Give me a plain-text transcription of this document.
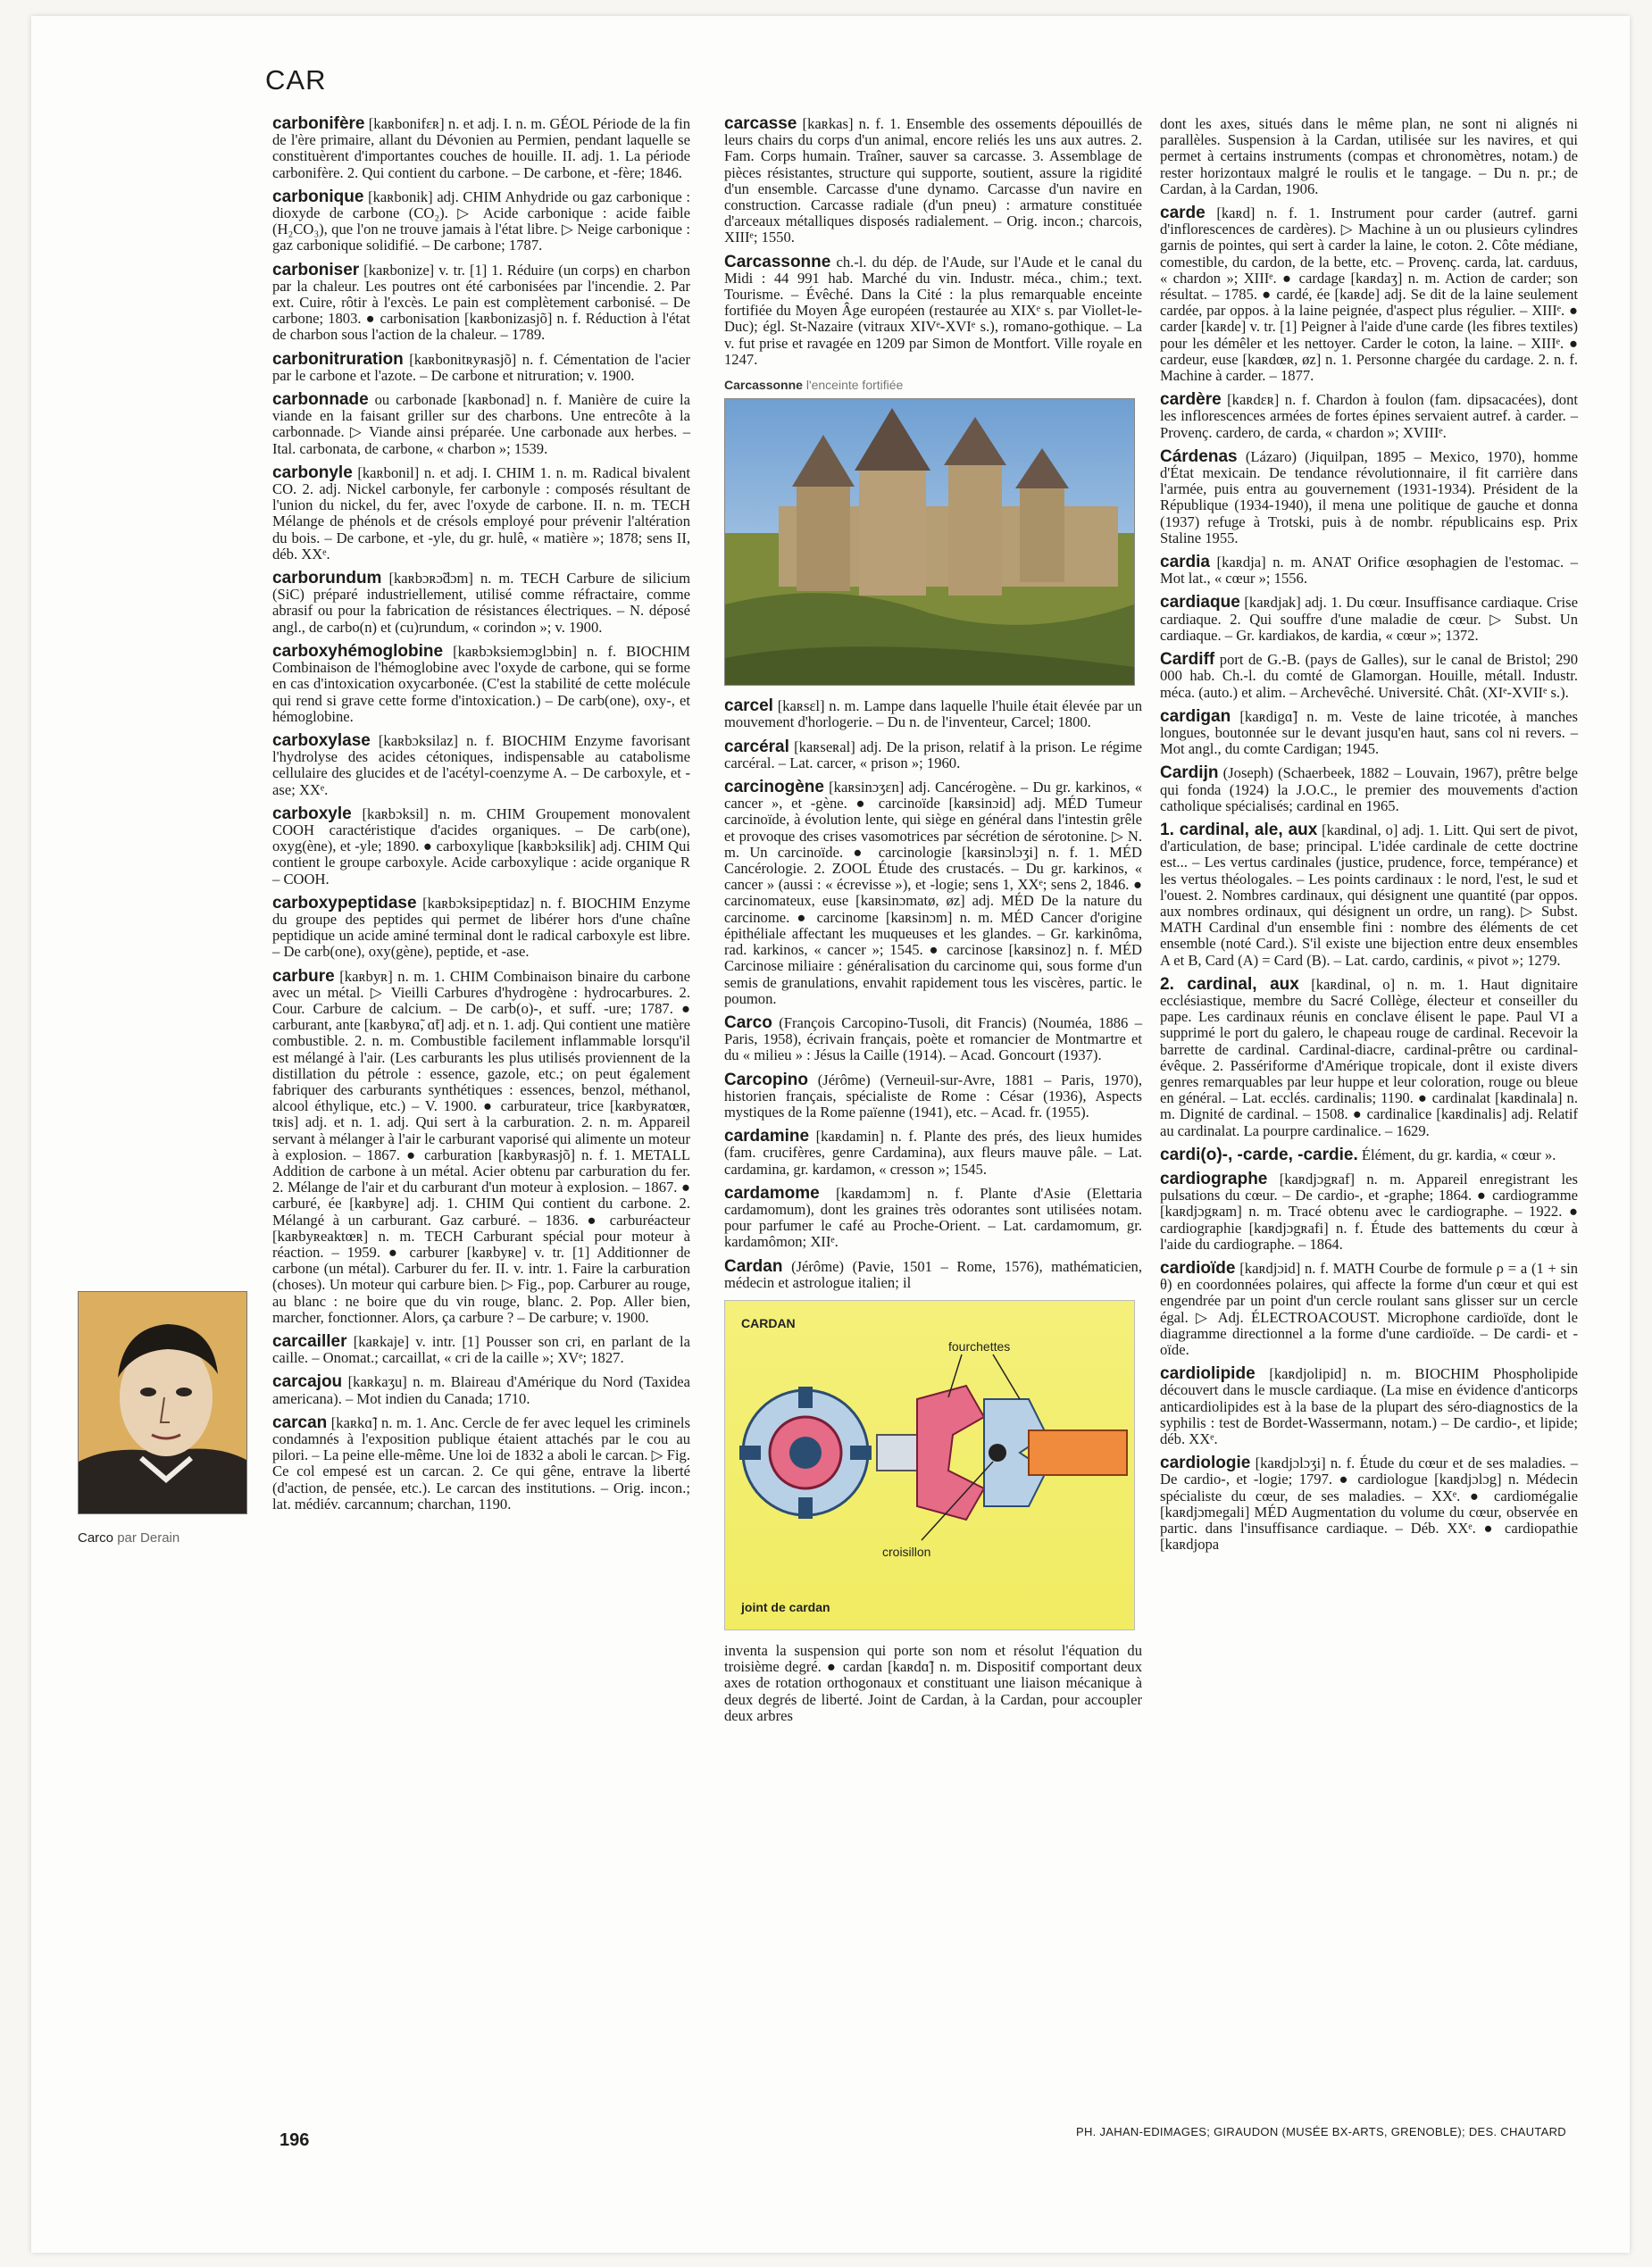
CAR

carbonifère [kaʀbonifɛʀ] n. et adj. I. n. m. GÉOL Période de la fin de l'ère primaire, allant du Dévonien au Permien, pendant laquelle se constituèrent d'importantes couches de houille. II. adj. 1. La période carbonifère. 2. Qui contient du carbone. – De carbone, et -fère; 1846.

carbonique [kaʀbonik] adj. CHIM Anhydride ou gaz carbonique : dioxyde de carbone (CO₂). ▷ Acide carbonique : acide faible (H₂CO₃), que l'on ne trouve jamais à l'état libre. ▷ Neige carbonique : gaz carbonique solidifié. – De carbone; 1787.

carboniser [kaʀbonize] v. tr. [1] 1. Réduire (un corps) en charbon par la chaleur. Les poutres ont été carbonisées par l'incendie. 2. Par ext. Cuire, rôtir à l'excès. Le pain est complètement carbonisé. – De carbone; 1803. ● carbonisation [kaʀbonizasjõ] n. f. Réduction à l'état de charbon sous l'action de la chaleur. – 1789.

carbonitruration [kaʀbonitʀyʀasjõ] n. f. Cémentation de l'acier par le carbone et l'azote. – De carbone et nitruration; v. 1900.

carbonnade ou carbonade [kaʀbonad] n. f. Manière de cuire la viande en la faisant griller sur des charbons. Une entrecôte à la carbonnade. ▷ Viande ainsi préparée. Une carbonade aux herbes. – Ital. carbonata, de carbone, « charbon »; 1539.

carbonyle [kaʀbonil] n. et adj. I. CHIM 1. n. m. Radical bivalent CO. 2. adj. Nickel carbonyle, fer carbonyle : composés résultant de l'union du nickel, du fer, avec l'oxyde de carbone. II. n. m. TECH Mélange de phénols et de crésols employé pour prévenir l'altération du bois. – De carbone, et -yle, du gr. hulê, « matière »; 1878; sens II, déb. XXᵉ.

carborundum [kaʀbɔʀɔ̃dɔm] n. m. TECH Carbure de silicium (SiC) préparé industriellement, utilisé comme réfractaire, comme abrasif ou pour la fabrication de résistances électriques. – N. déposé angl., de carbo(n) et (cu)rundum, « corindon »; v. 1900.

carboxyhémoglobine [kaʀbɔksiemɔglɔbin] n. f. BIOCHIM Combinaison de l'hémoglobine avec l'oxyde de carbone, qui se forme en cas d'intoxication oxycarbonée. (C'est la stabilité de cette molécule qui rend si grave cette forme d'intoxication.) – De carb(one), oxy-, et hémoglobine.

carboxylase [kaʀbɔksilaz] n. f. BIOCHIM Enzyme favorisant l'hydrolyse des acides cétoniques, indispensable au catabolisme cellulaire des glucides et de l'acétyl-coenzyme A. – De carboxyle, et -ase; XXᵉ.

carboxyle [kaʀbɔksil] n. m. CHIM Groupement monovalent COOH caractéristique d'acides organiques. – De carb(one), oxyg(ène), et -yle; 1890. ● carboxylique [kaʀbɔksilik] adj. CHIM Qui contient le groupe carboxyle. Acide carboxylique : acide organique R – COOH.

carboxypeptidase [kaʀbɔksipɛptidaz] n. f. BIOCHIM Enzyme du groupe des peptides qui permet de libérer hors d'une chaîne peptidique un acide aminé terminal dont le radical carboxyle est libre. – De carb(one), oxy(gène), peptide, et -ase.

carbure [kaʀbyʀ] n. m. 1. CHIM Combinaison binaire du carbone avec un métal. ▷ Vieilli Carbures d'hydrogène : hydrocarbures. 2. Cour. Carbure de calcium. – De carb(o)-, et suff. -ure; 1787. ● carburant, ante [kaʀbyʀɑ̃, ɑ̃t] adj. et n. 1. adj. Qui contient une matière combustible. 2. n. m. Combustible facilement inflammable lorsqu'il est mélangé à l'air. (Les carburants les plus utilisés proviennent de la distillation du pétrole : essence, gazole, etc.; on peut également fabriquer des carburants synthétiques : essences, benzol, méthanol, alcool éthylique, etc.) – V. 1900. ● carburateur, trice [kaʀbyʀatœʀ, tʀis] adj. et n. 1. adj. Qui sert à la carburation. 2. n. m. Appareil servant à mélanger à l'air le carburant vaporisé qui alimente un moteur à explosion. – 1867. ● carburation [kaʀbyʀasjõ] n. f. 1. METALL Addition de carbone à un métal. Acier obtenu par carburation du fer. 2. Mélange de l'air et du carburant d'un moteur à explosion. – 1867. ● carburé, ée [kaʀbyʀe] adj. 1. CHIM Qui contient du carbone. 2. Mélangé à un carburant. Gaz carburé. – 1836. ● carburéacteur [kaʀbyʀeaktœʀ] n. m. TECH Carburant spécial pour moteur à réaction. – 1959. ● carburer [kaʀbyʀe] v. tr. [1] Additionner de carbone (un métal). Carburer du fer. II. v. intr. 1. Faire la carburation (choses). Un moteur qui carbure bien. ▷ Fig., pop. Carburer au rouge, au blanc : ne boire que du vin rouge, blanc. 2. Pop. Aller bien, marcher, fonctionner. Alors, ça carbure ? – De carbure; v. 1900.

carcailler [kaʀkaje] v. intr. [1] Pousser son cri, en parlant de la caille. – Onomat.; carcaillat, « cri de la caille »; XVᵉ; 1827.

carcajou [kaʀkaʒu] n. m. Blaireau d'Amérique du Nord (Taxidea americana). – Mot indien du Canada; 1710.

carcan [kaʀkɑ̃] n. m. 1. Anc. Cercle de fer avec lequel les criminels condamnés à l'exposition publique étaient attachés par le cou au pilori. – La peine elle-même. Une loi de 1832 a aboli le carcan. ▷ Fig. Ce col empesé est un carcan. 2. Ce qui gêne, entrave la liberté (d'action, de pensée, etc.). Le carcan des institutions. – Orig. incon.; lat. médiév. carcannum; charchan, 1190.

carcasse [kaʀkas] n. f. 1. Ensemble des ossements dépouillés de leurs chairs du corps d'un animal, encore reliés les uns aux autres. 2. Fam. Corps humain. Traîner, sauver sa carcasse. 3. Assemblage de pièces résistantes, structure qui supporte, soutient, assure la rigidité d'un ensemble. Carcasse d'une dynamo. Carcasse d'un navire en construction. Carcasse radiale (d'un pneu) : armature constituée d'arceaux métalliques disposés radialement. – Orig. incon.; charcois, XIIIᵉ; 1550.

Carcassonne ch.-l. du dép. de l'Aude, sur l'Aude et le canal du Midi : 44 991 hab. Marché du vin. Industr. méca., chim.; text. Tourisme. – Évêché. Dans la Cité : la plus remarquable enceinte fortifiée du Moyen Âge européen (restaurée au XIXᵉ s. par Viollet-le-Duc); égl. St-Nazaire (vitraux XIVᵉ-XVIᵉ s.), romano-gothique. – La v. fut prise et ravagée en 1209 par Simon de Montfort. Ville royale en 1247.

Carcassonne l'enceinte fortifiée

carcel [kaʀsɛl] n. m. Lampe dans laquelle l'huile était élevée par un mouvement d'horlogerie. – Du n. de l'inventeur, Carcel; 1800.

carcéral [kaʀseʀal] adj. De la prison, relatif à la prison. Le régime carcéral. – Lat. carcer, « prison »; 1960.

carcinogène [kaʀsinɔʒɛn] adj. Cancérogène. – Du gr. karkinos, « cancer », et -gène. ● carcinoïde [kaʀsinɔid] adj. MÉD Tumeur carcinoïde, à évolution lente, qui siège en général dans l'intestin grêle et provoque des crises vasomotrices par sécrétion de sérotonine. ▷ N. m. Un carcinoïde. ● carcinologie [kaʀsinɔlɔʒi] n. f. 1. MÉD Cancérologie. 2. ZOOL Étude des crustacés. – Du gr. karkinos, « cancer » (aussi : « écrevisse »), et -logie; sens 1, XXᵉ; sens 2, 1846. ● carcinomateux, euse [kaʀsinɔmatø, øz] adj. MÉD De la nature du carcinome. ● carcinome [kaʀsinɔm] n. m. MÉD Cancer d'origine épithéliale affectant les muqueuses et les glandes. – Gr. karkinôma, rad. karkinos, « cancer »; 1545. ● carcinose [kaʀsinoz] n. f. MÉD Carcinose miliaire : généralisation du carcinome qui, sous forme d'un semis de granulations, envahit rapidement tous les viscères, partic. le poumon.

Carco (François Carcopino-Tusoli, dit Francis) (Nouméa, 1886 – Paris, 1958), écrivain français, poète et romancier de Montmartre et du « milieu » : Jésus la Caille (1914). – Acad. Goncourt (1937).

Carcopino (Jérôme) (Verneuil-sur-Avre, 1881 – Paris, 1970), historien français, spécialiste de Rome : César (1936), Aspects mystiques de la Rome païenne (1941), etc. – Acad. fr. (1955).

cardamine [kaʀdamin] n. f. Plante des prés, des lieux humides (fam. crucifères, genre Cardamina), aux fleurs mauve pâle. – Lat. cardamina, gr. kardamon, « cresson »; 1545.

cardamome [kaʀdamɔm] n. f. Plante d'Asie (Elettaria cardamomum), dont les graines très odorantes sont utilisées notam. pour parfumer le café au Proche-Orient. – Lat. cardamomum, gr. kardamômon; XIIᵉ.

Cardan (Jérôme) (Pavie, 1501 – Rome, 1576), mathématicien, médecin et astrologue italien; il

CARDAN
fourchettes
croisillon
joint de cardan

inventa la suspension qui porte son nom et résolut l'équation du troisième degré. ● cardan [kaʀdɑ̃] n. m. Dispositif comportant deux axes de rotation orthogonaux et constituant une liaison mécanique à deux degrés de liberté. Joint de Cardan, à la Cardan, pour accoupler deux arbres

dont les axes, situés dans le même plan, ne sont ni alignés ni parallèles. Suspension à la Cardan, utilisée sur les navires, et qui permet à certains instruments (compas et chronomètres, notam.) de rester horizontaux malgré le roulis et le tangage. – Du n. pr.; de Cardan, à la Cardan, 1906.

carde [kaʀd] n. f. 1. Instrument pour carder (autref. garni d'inflorescences de cardères). ▷ Machine à un ou plusieurs cylindres garnis de pointes, qui sert à carder la laine, le coton. 2. Côte médiane, comestible, du cardon, de la bette, etc. – Provenç. carda, lat. carduus, « chardon »; XIIIᵉ. ● cardage [kaʀdaʒ] n. m. Action de carder; son résultat. – 1785. ● cardé, ée [kaʀde] adj. Se dit de la laine seulement cardée, par oppos. à la laine peignée, d'aspect plus régulier. – XIIIᵉ. ● carder [kaʀde] v. tr. [1] Peigner à l'aide d'une carde (les fibres textiles) pour les démêler et les nettoyer. Carder le coton, la laine. – XIIIᵉ. ● cardeur, euse [kaʀdœʀ, øz] n. 1. Personne chargée du cardage. 2. n. f. Machine à carder. – 1877.

cardère [kaʀdɛʀ] n. f. Chardon à foulon (fam. dipsacacées), dont les inflorescences armées de fortes épines servaient autref. à carder. – Provenç. cardero, de carda, « chardon »; XVIIIᵉ.

Cárdenas (Lázaro) (Jiquilpan, 1895 – Mexico, 1970), homme d'État mexicain. De tendance révolutionnaire, il fit carrière dans l'armée, puis entra au gouvernement (1931-1934). Président de la République (1934-1940), il mena une politique de gauche et donna (1937) refuge à Trotski, puis à de nombr. républicains esp. Prix Staline 1955.

cardia [kaʀdja] n. m. ANAT Orifice œsophagien de l'estomac. – Mot lat., « cœur »; 1556.

cardiaque [kaʀdjak] adj. 1. Du cœur. Insuffisance cardiaque. Crise cardiaque. 2. Qui souffre d'une maladie de cœur. ▷ Subst. Un cardiaque. – Gr. kardiakos, de kardia, « cœur »; 1372.

Cardiff port de G.-B. (pays de Galles), sur le canal de Bristol; 290 000 hab. Ch.-l. du comté de Glamorgan. Houille, métall. Industr. méca. (auto.) et alim. – Archevêché. Université. Chât. (XIᵉ-XVIIᵉ s.).

cardigan [kaʀdigɑ̃] n. m. Veste de laine tricotée, à manches longues, boutonnée sur le devant jusqu'en haut, sans col ni revers. – Mot angl., du comte Cardigan; 1945.

Cardijn (Joseph) (Schaerbeek, 1882 – Louvain, 1967), prêtre belge qui fonda (1924) la J.O.C., le premier des mouvements d'action catholique spécialisés; cardinal en 1965.

1. cardinal, ale, aux [kaʀdinal, o] adj. 1. Litt. Qui sert de pivot, d'articulation, de base; principal. L'idée cardinale de cette doctrine est... – Les vertus cardinales (justice, prudence, force, tempérance) et les vertus théologales. – Les points cardinaux : le nord, l'est, le sud et l'ouest. 2. Nombres cardinaux, qui désignent une quantité (par oppos. aux nombres ordinaux, qui désignent un ordre, un rang). ▷ Subst. MATH Cardinal d'un ensemble fini : nombre des éléments de cet ensemble (noté Card.). S'il existe une bijection entre deux ensembles A et B, Card (A) = Card (B). – Lat. cardo, cardinis, « pivot »; 1279.

2. cardinal, aux [kaʀdinal, o] n. m. 1. Haut dignitaire ecclésiastique, membre du Sacré Collège, électeur et conseiller du pape. Les cardinaux réunis en conclave élisent le pape. Paul VI a supprimé le port du galero, le chapeau rouge de cardinal. Recevoir la barrette de cardinal. Cardinal-diacre, cardinal-prêtre ou cardinal-évêque. 2. Passériforme d'Amérique tropicale, dont il existe divers genres remarquables par leur huppe et leur coloration, rouge ou bleue en général. – Lat. ecclés. cardinalis; 1190. ● cardinalat [kaʀdinala] n. m. Dignité de cardinal. – 1508. ● cardinalice [kaʀdinalis] adj. Relatif au cardinalat. La pourpre cardinalice. – 1629.

cardi(o)-, -carde, -cardie. Élément, du gr. kardia, « cœur ».

cardiographe [kaʀdjɔgʀaf] n. m. Appareil enregistrant les pulsations du cœur. – De cardio-, et -graphe; 1864. ● cardiogramme [kaʀdjɔgʀam] n. m. Tracé obtenu avec le cardiographe. – 1922. ● cardiographie [kaʀdjɔgʀafi] n. f. Étude des battements du cœur à l'aide du cardiographe. – 1864.

cardioïde [kaʀdjɔid] n. f. MATH Courbe de formule ρ = a (1 + sin θ) en coordonnées polaires, qui affecte la forme d'un cœur et qui est engendrée par un point d'un cercle roulant sans glisser sur un cercle égal. ▷ Adj. ÉLECTROACOUST. Microphone cardioïde, dont le diagramme directionnel a la forme d'une cardioïde. – De cardi- et -oïde.

cardiolipide [kaʀdjolipid] n. m. BIOCHIM Phospholipide découvert dans le muscle cardiaque. (La mise en évidence d'anticorps anticardiolipides est à la base de la plupart des séro-diagnostics de la syphilis : test de Bordet-Wassermann, notam.) – De cardio-, et lipide; déb. XXᵉ.

cardiologie [kaʀdjɔlɔʒi] n. f. Étude du cœur et de ses maladies. – De cardio-, et -logie; 1797. ● cardiologue [kaʀdjɔlɔg] n. Médecin spécialiste du cœur, de ses maladies. – XXᵉ. ● cardiomégalie [kaʀdjɔmegali] MÉD Augmentation du volume du cœur, observée en partic. dans l'insuffisance cardiaque. – Déb. XXᵉ. ● cardiopathie [kaʀdjopa

Carco par Derain
196	PH. JAHAN-EDIMAGES; GIRAUDON (MUSÉE BX-ARTS, GRENOBLE); DES. CHAUTARD
